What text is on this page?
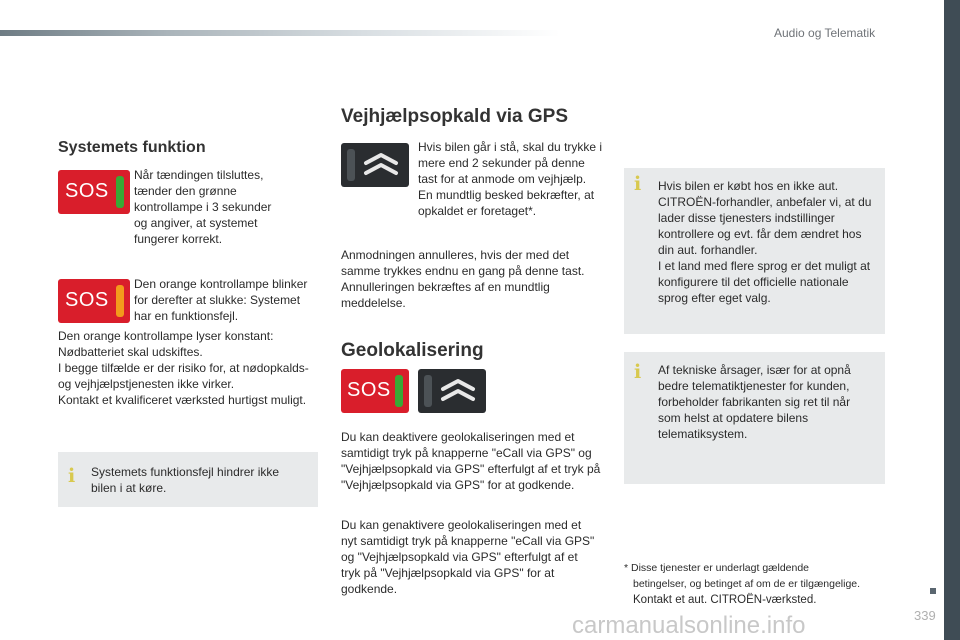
Audio og Telematik
Systemets funktion
SOS

Når tændingen tilsluttes, tænder den grønne kontrollampe i 3 sekunder og angiver, at systemet fungerer korrekt.

SOS

Den orange kontrollampe blinker for derefter at slukke: Systemet har en funktionsfejl.

Den orange kontrollampe lyser konstant:

Nødbatteriet skal udskiftes.

I begge tilfælde er der risiko for, at nødopkalds-

og vejhjælpstjenesten ikke virker.

Kontakt et kvalificeret værksted hurtigst muligt.

i Systemets funktionsfejl hindrer ikke bilen i at køre.

Vejhjælpsopkald via GPS

Hvis bilen går i stå, skal du trykke i mere end 2 sekunder på denne tast for at anmode om vejhjælp. En mundtlig besked bekræfter, at opkaldet er foretaget*.

Anmodningen annulleres, hvis der med det samme trykkes endnu en gang på denne tast. Annulleringen bekræftes af en mundtlig meddelelse.

Geolokalisering
SOS

Du kan deaktivere geolokaliseringen med et samtidigt tryk på knapperne "eCall via GPS" og "Vejhjælpsopkald via GPS" efterfulgt af et tryk på "Vejhjælpsopkald via GPS" for at godkende.

Du kan genaktivere geolokaliseringen med et nyt samtidigt tryk på knapperne "eCall via GPS" og "Vejhjælpsopkald via GPS" efterfulgt af et tryk på "Vejhjælpsopkald via GPS" for at godkende.

i Hvis bilen er købt hos en ikke aut. CITROËN-forhandler, anbefaler vi, at du lader disse tjenesters indstillinger kontrollere og evt. får dem ændret hos din aut. forhandler.
I et land med flere sprog er det muligt at konfigurere til det officielle nationale sprog efter eget valg.

i Af tekniske årsager, især for at opnå bedre telematiktjenester for kunden, forbeholder fabrikanten sig ret til når som helst at opdatere bilens telematiksystem.

* Disse tjenester er underlagt gældende
betingelser, og betinget af om de er tilgængelige.
Kontakt et aut. CITROËN-værksted.
339
carmanualsonline.info
